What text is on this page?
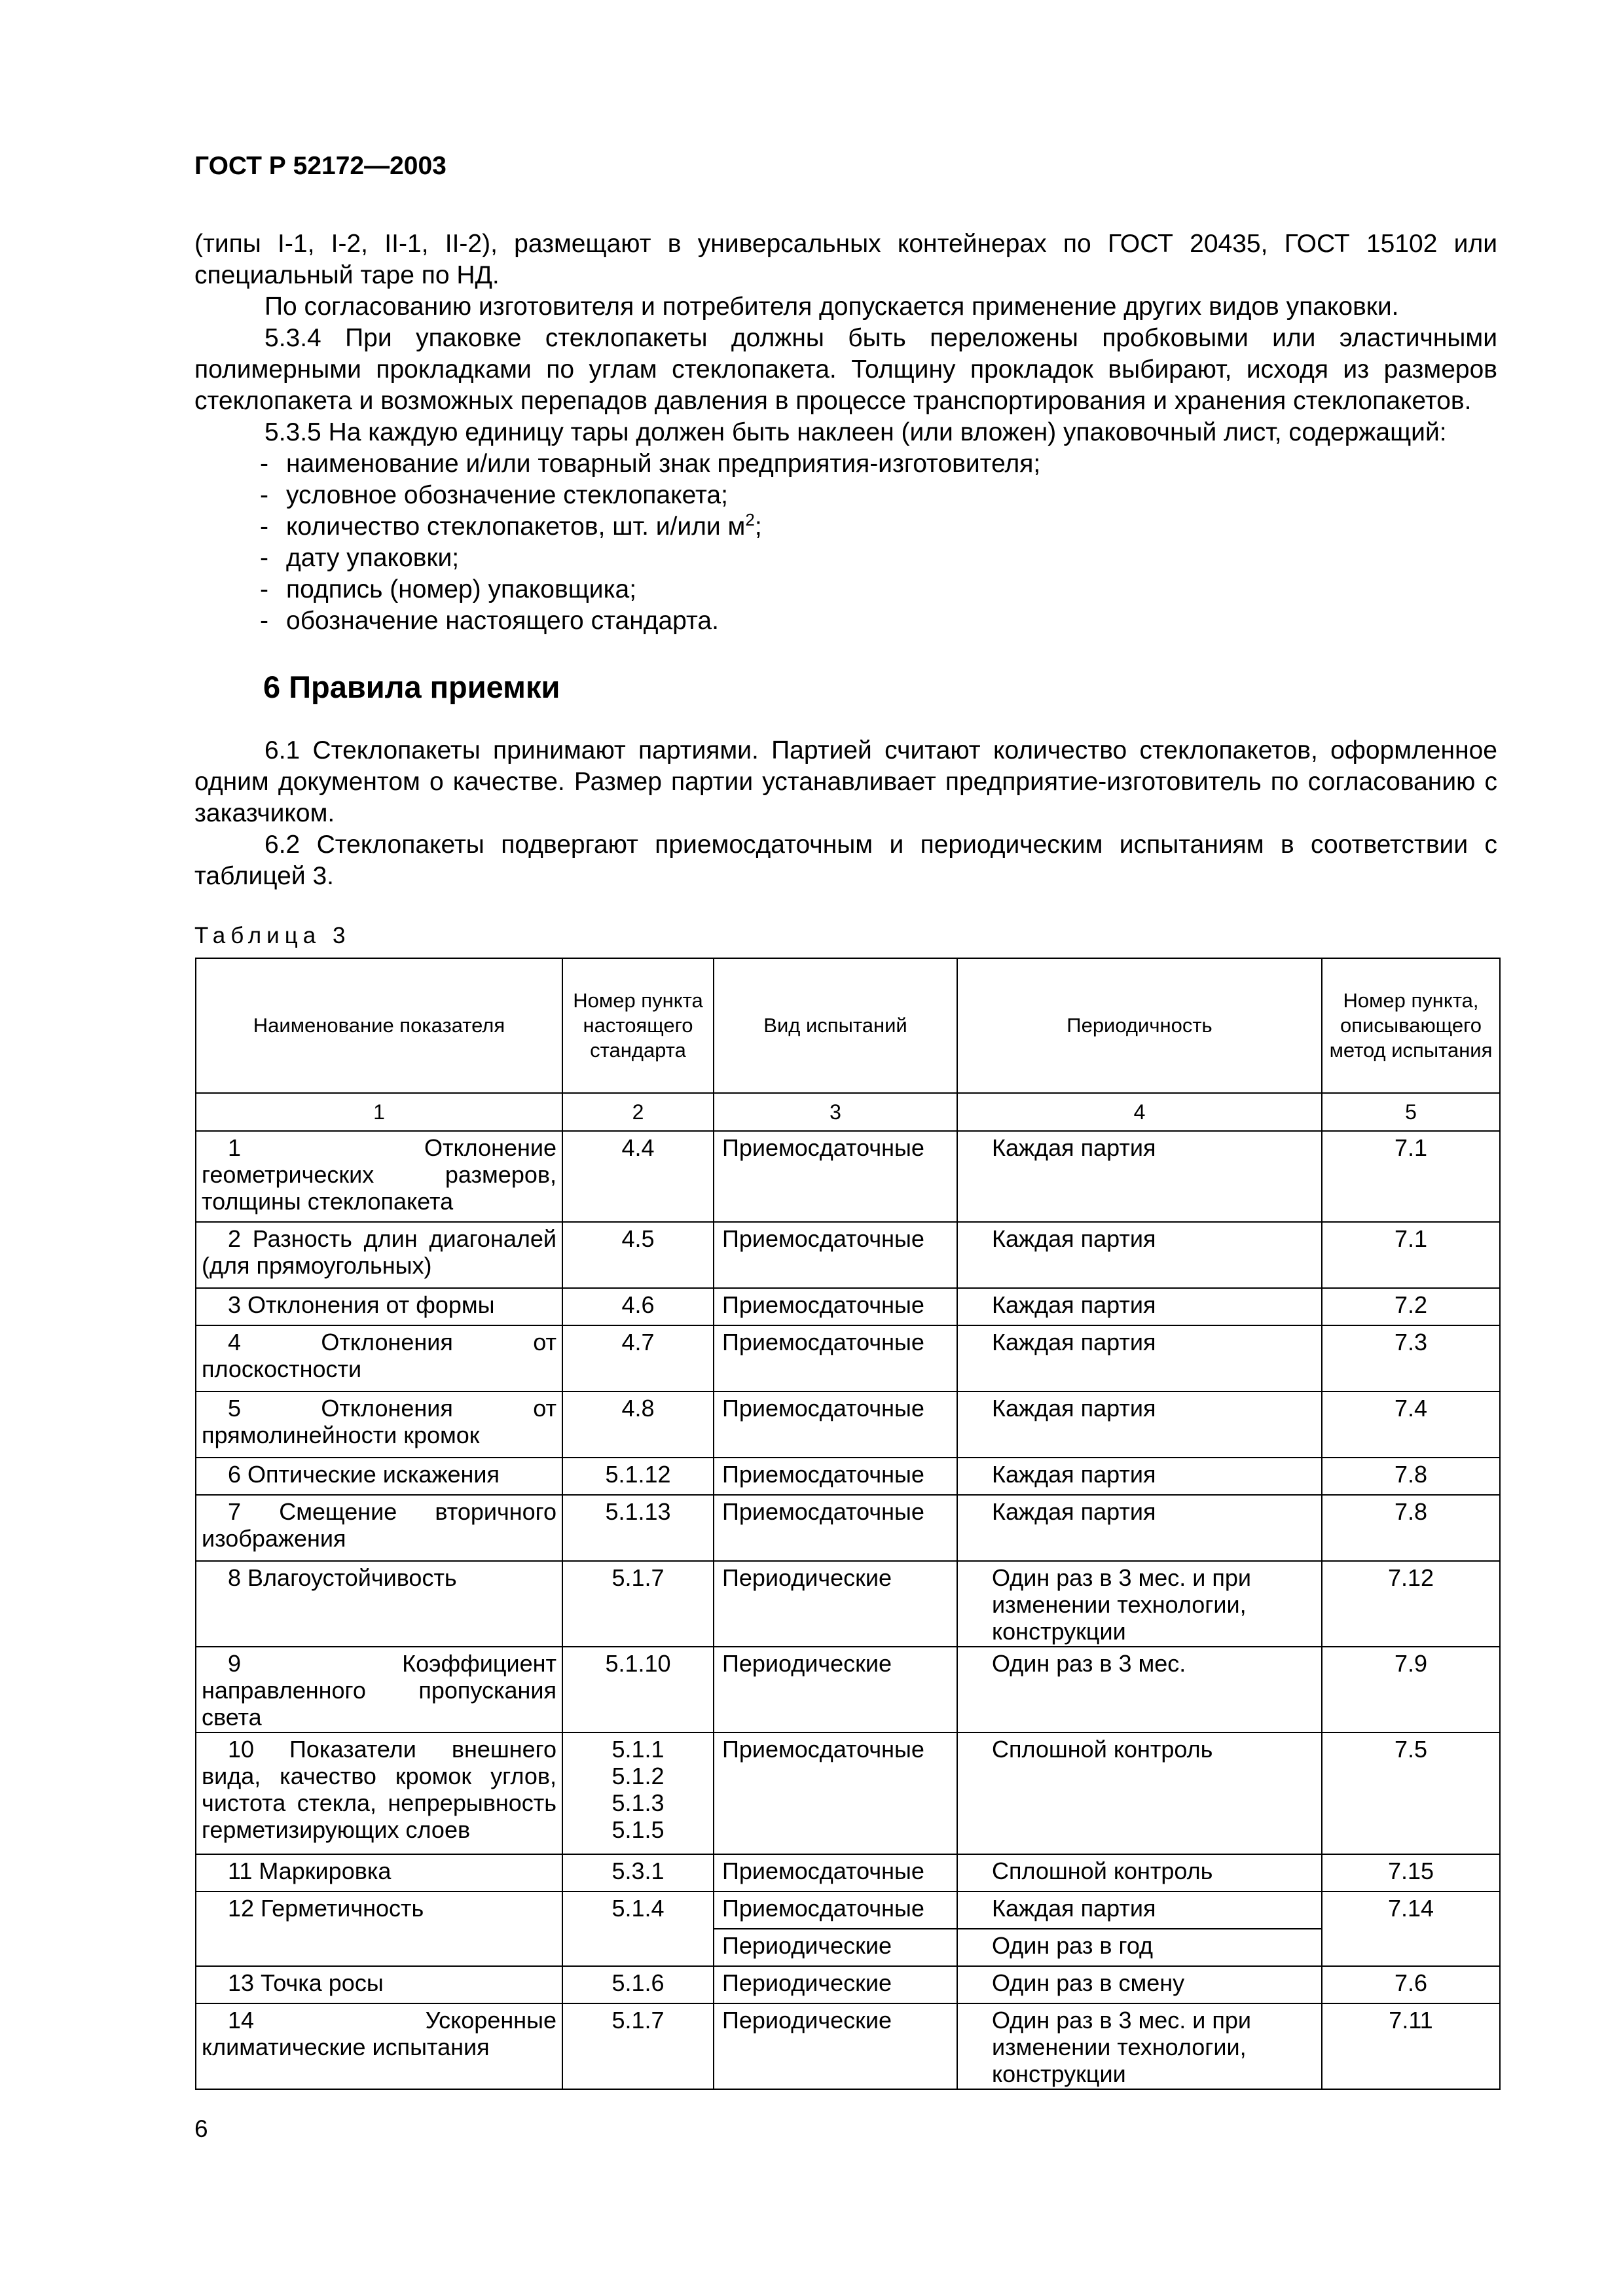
ГОСТ Р 52172—2003

(типы I-1, I-2, II-1, II-2), размещают в универсальных контейнерах по ГОСТ 20435, ГОСТ 15102 или специальный таре по НД.

По согласованию изготовителя и потребителя допускается применение других видов упаковки.

5.3.4 При упаковке стеклопакеты должны быть переложены пробковыми или эластичными полимерными прокладками по углам стеклопакета. Толщину прокладок выбирают, исходя из размеров стеклопакета и возможных перепадов давления в процессе транспортирования и хранения стеклопакетов.

5.3.5 На каждую единицу тары должен быть наклеен (или вложен) упаковочный лист, содержащий:

- наименование и/или товарный знак предприятия-изготовителя;
- условное обозначение стеклопакета;
- количество стеклопакетов, шт. и/или $м^2$;
- дату упаковки;
- подпись (номер) упаковщика;
- обозначение настоящего стандарта.
6 Правила приемки

6.1 Стеклопакеты принимают партиями. Партией считают количество стеклопакетов, оформленное одним документом о качестве. Размер партии устанавливает предприятие-изготовитель по согласованию с заказчиком.

6.2 Стеклопакеты подвергают приемосдаточным и периодическим испытаниям в соответствии с таблицей 3.

Таблица 3
Наименование показателя	Номер пункта настоящего стандарта	Вид испытаний	Периодичность	Номер пункта, описывающего метод испытания
1	2	3	4	5
1 Отклонение геометрических размеров, толщины стеклопакета	4.4	Приемосдаточные	Каждая партия	7.1
2 Разность длин диагоналей (для прямоугольных)	4.5	Приемосдаточные	Каждая партия	7.1
3 Отклонения от формы	4.6	Приемосдаточные	Каждая партия	7.2
4 Отклонения от плоскостности	4.7	Приемосдаточные	Каждая партия	7.3
5 Отклонения от прямолинейности кромок	4.8	Приемосдаточные	Каждая партия	7.4
6 Оптические искажения	5.1.12	Приемосдаточные	Каждая партия	7.8
7 Смещение вторичного изображения	5.1.13	Приемосдаточные	Каждая партия	7.8
8 Влагоустойчивость	5.1.7	Периодические	Один раз в 3 мес. и при изменении технологии, конструкции	7.12
9 Коэффициент направленного пропускания света	5.1.10	Периодические	Один раз в 3 мес.	7.9
10 Показатели внешнего вида, качество кромок углов, чистота стекла, непрерывность герметизирующих слоев	5.1.1
5.1.2
5.1.3
5.1.5	Приемосдаточные	Сплошной контроль	7.5
11 Маркировка	5.3.1	Приемосдаточные	Сплошной контроль	7.15
12 Герметичность	5.1.4	Приемосдаточные	Каждая партия	7.14
		Периодические	Один раз в год	
13 Точка росы	5.1.6	Периодические	Один раз в смену	7.6
14 Ускоренные климатические испытания	5.1.7	Периодические	Один раз в 3 мес. и при изменении технологии, конструкции	7.11
6
